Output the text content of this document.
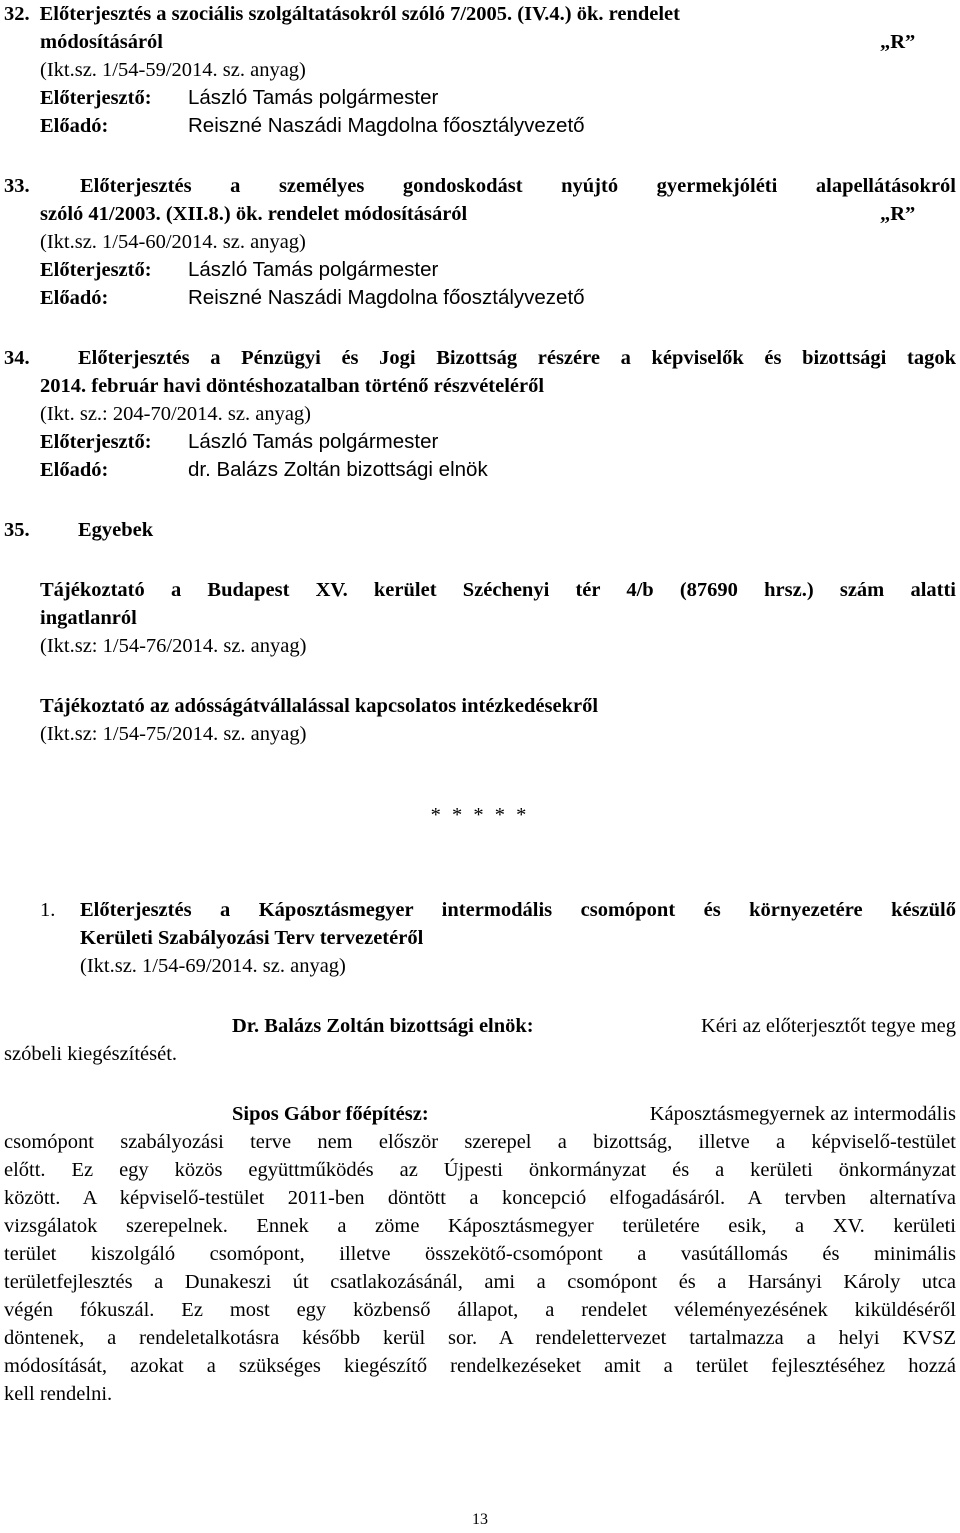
32. Előterjesztés a szociális szolgáltatásokról szóló 7/2005. (IV.4.) ök. rendelet
módosításáról	„R”
(Ikt.sz. 1/54-59/2014. sz. anyag)
Előterjesztő: László Tamás polgármester
Előadó:	Reiszné Naszádi Magdolna főosztályvezető
33. Előterjesztés a személyes gondoskodást nyújtó gyermekjóléti alapellátásokról
szóló 41/2003. (XII.8.) ök. rendelet módosításáról	„R”
(Ikt.sz. 1/54-60/2014. sz. anyag)
Előterjesztő: László Tamás polgármester
Előadó:	Reiszné Naszádi Magdolna főosztályvezető
34. Előterjesztés a Pénzügyi és Jogi Bizottság részére a képviselők és bizottsági tagok
2014. február havi döntéshozatalban történő részvételéről
(Ikt. sz.: 204-70/2014. sz. anyag)
Előterjesztő: László Tamás polgármester
Előadó:	dr. Balázs Zoltán bizottsági elnök
35. Egyebek
Tájékoztató a Budapest XV. kerület Széchenyi tér 4/b (87690 hrsz.) szám alatti
ingatlanról
(Ikt.sz: 1/54-76/2014. sz. anyag)
Tájékoztató az adósságátvállalással kapcsolatos intézkedésekről
(Ikt.sz: 1/54-75/2014. sz. anyag)
* * * * *
1. Előterjesztés a Káposztásmegyer intermodális csomópont és környezetére készülő
Kerületi Szabályozási Terv tervezetéről
(Ikt.sz. 1/54-69/2014. sz. anyag)
Dr. Balázs Zoltán bizottsági elnök:	Kéri az előterjesztőt tegye meg
szóbeli kiegészítését.
Sipos Gábor főépítész:	Káposztásmegyernek az intermodális
csomópont szabályozási terve nem először szerepel a bizottság, illetve a képviselő-testület
előtt. Ez egy közös együttműködés az Újpesti önkormányzat és a kerületi önkormányzat
között. A képviselő-testület 2011-ben döntött a koncepció elfogadásáról. A tervben alternatíva
vizsgálatok szerepelnek. Ennek a zöme Káposztásmegyer területére esik, a XV. kerületi
terület kiszolgáló csomópont, illetve összekötő-csomópont a vasútállomás és minimális
területfejlesztés a Dunakeszi út csatlakozásánál, ami a csomópont és a Harsányi Károly utca
végén fókuszál. Ez most egy közbenső állapot, a rendelet véleményezésének kiküldéséről
döntenek, a rendeletalkotásra később kerül sor. A rendelettervezet tartalmazza a helyi KVSZ
módosítását, azokat a szükséges kiegészítő rendelkezéseket amit a terület fejlesztéséhez hozzá
kell rendelni.
13
